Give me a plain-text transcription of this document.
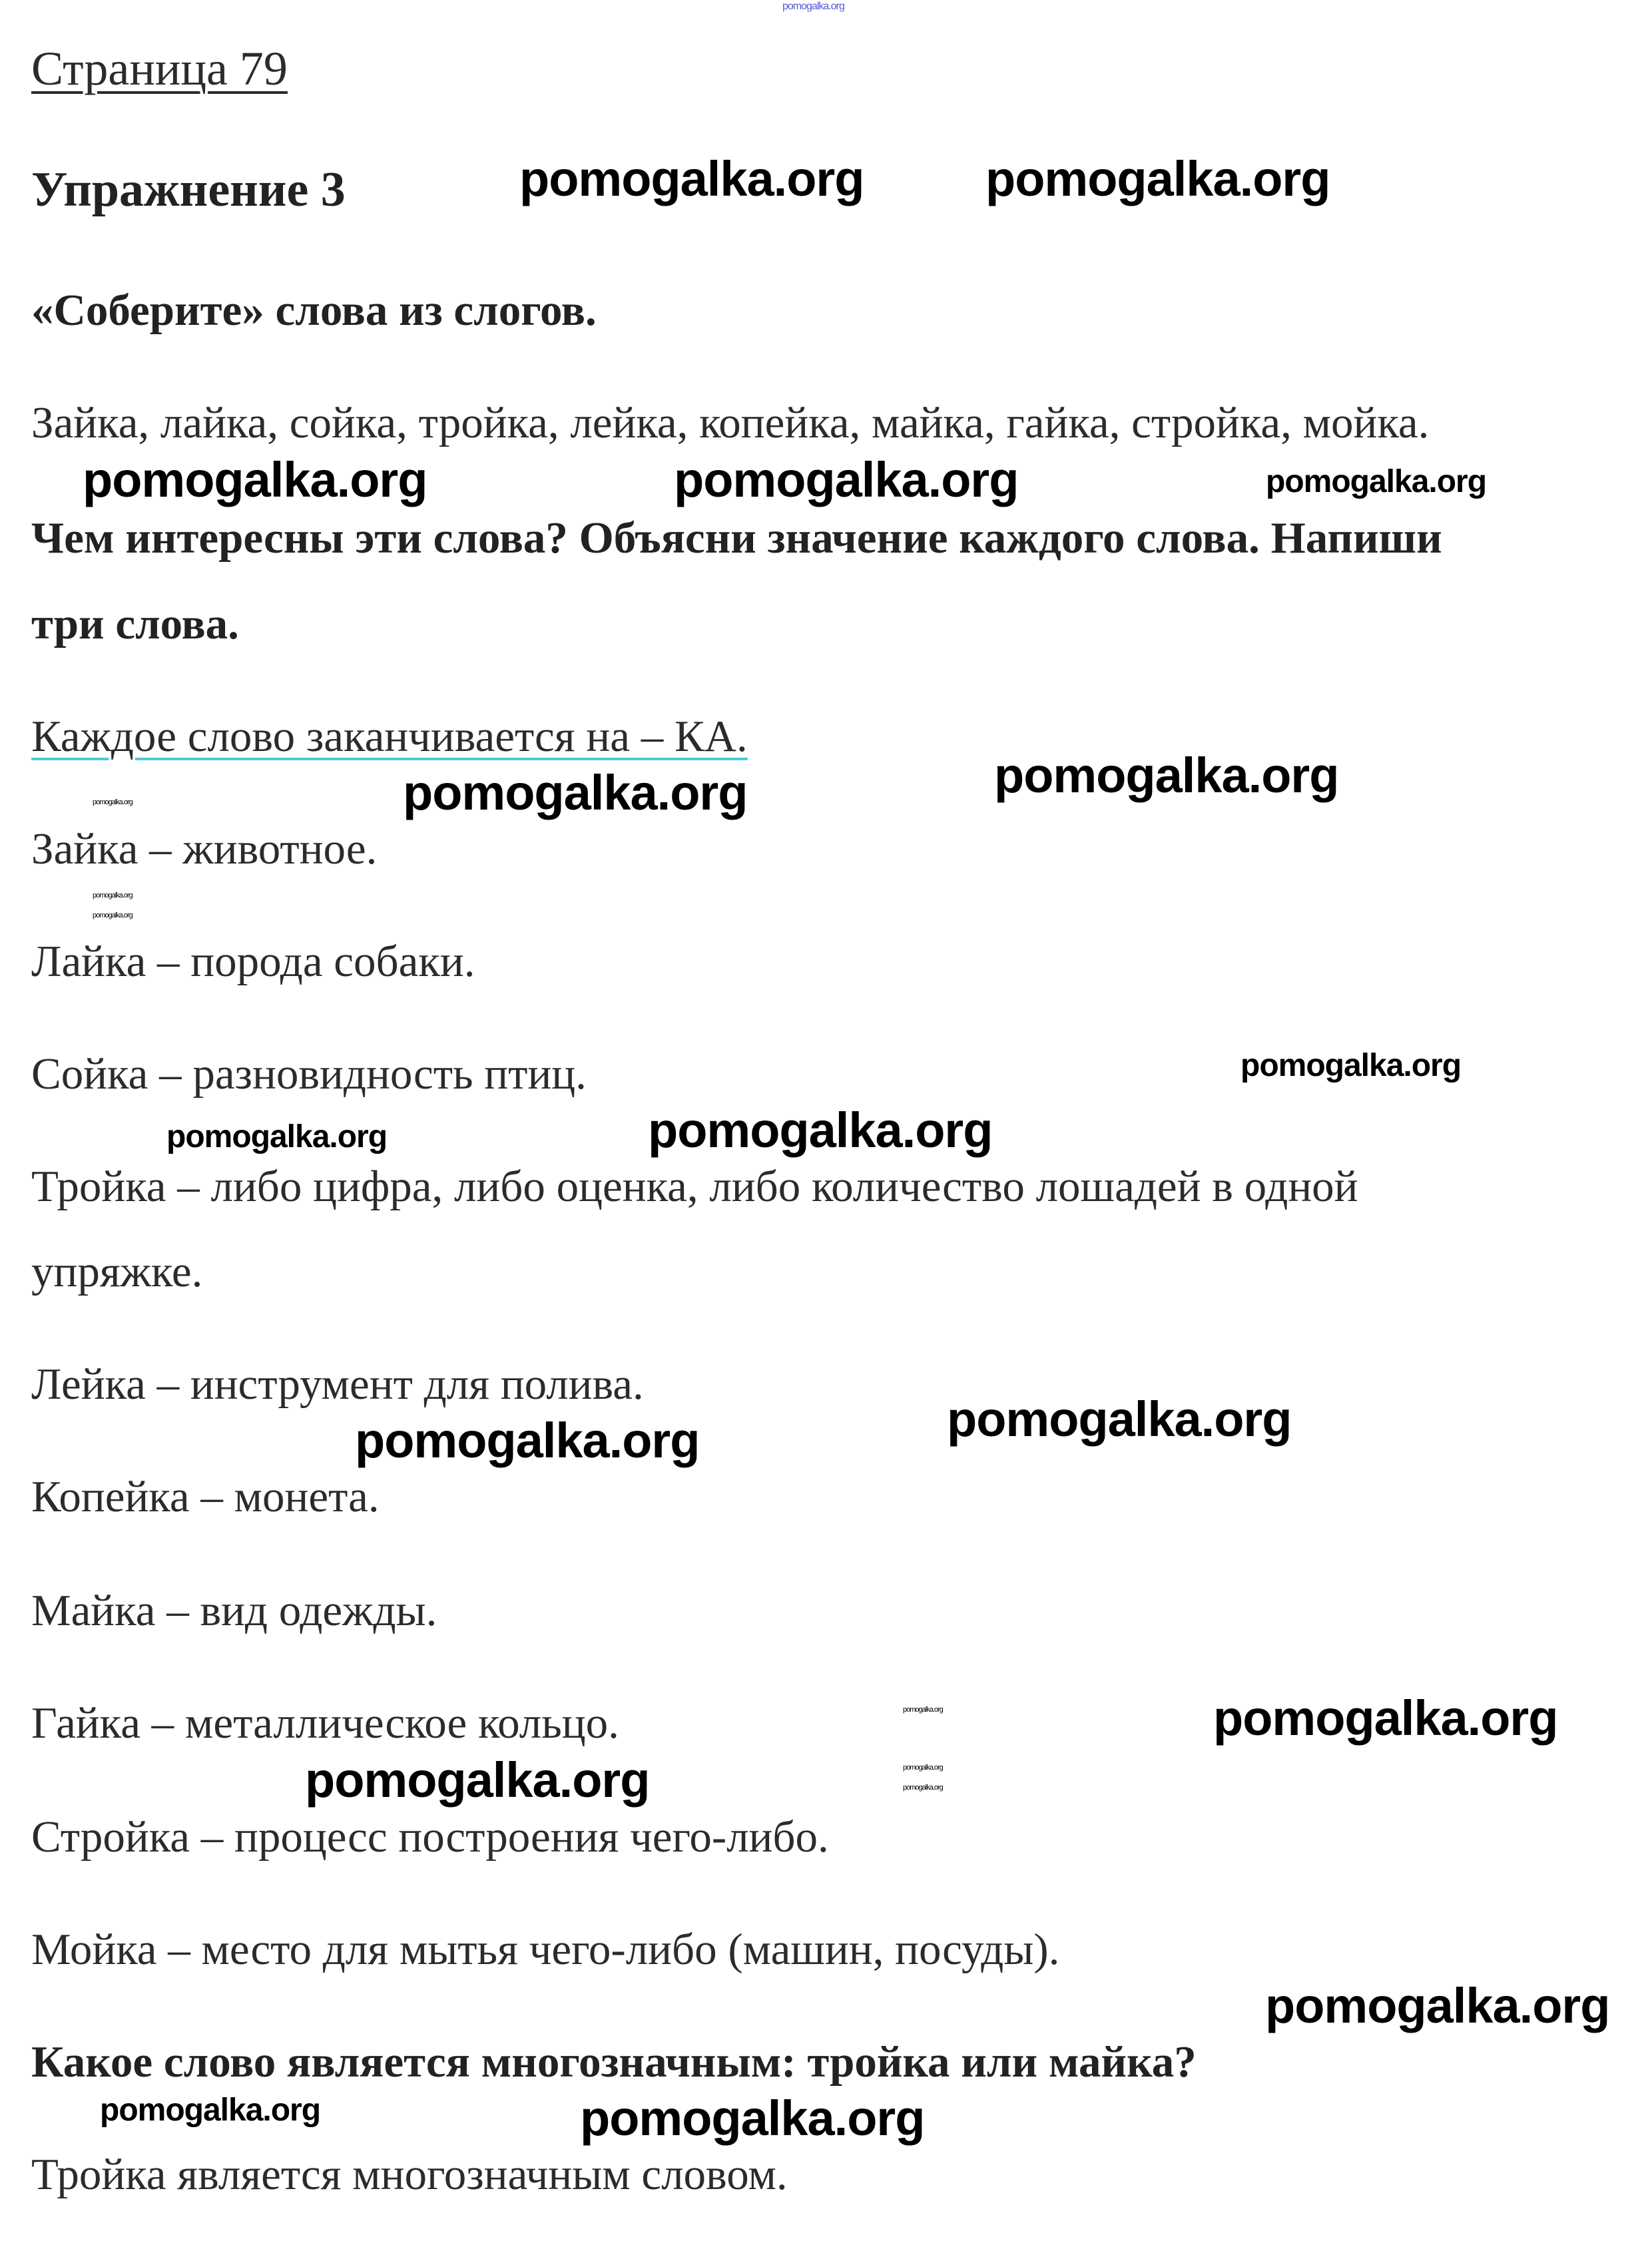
pomogalka.org
Страница 79
Упражнение 3
«Соберите» слова из слогов.
Зайка, лайка, сойка, тройка, лейка, копейка, майка, гайка, стройка, мойка.
Чем интересны эти слова? Объясни значение каждого слова. Напиши
три слова.
Каждое слово заканчивается на – КА.
Зайка – животное.
Лайка – порода собаки.
Сойка – разновидность птиц.
Тройка – либо цифра, либо оценка, либо количество лошадей в одной
упряжке.
Лейка – инструмент для полива.
Копейка – монета.
Майка – вид одежды.
Гайка – металлическое кольцо.
Стройка – процесс построения чего-либо.
Мойка – место для мытья чего-либо (машин, посуды).
Какое слово является многозначным: тройка или майка?
Тройка является многозначным словом.
pomogalka.org pomogalka.org
pomogalka.org
pomogalka.org	pomogalka.org
pomogalka.org
pomogalka.org
pomogalka.org
pomogalka.org
pomogalka.org
pomogalka.org
pomogalka.org
pomogalka.org
pomogalka.org	pomogalka.org
pomogalka.org
pomogalka.org
pomogalka.org
pomogalka.org
pomogalka.org
pomogalka.org
pomogalka.org	pomogalka.org
